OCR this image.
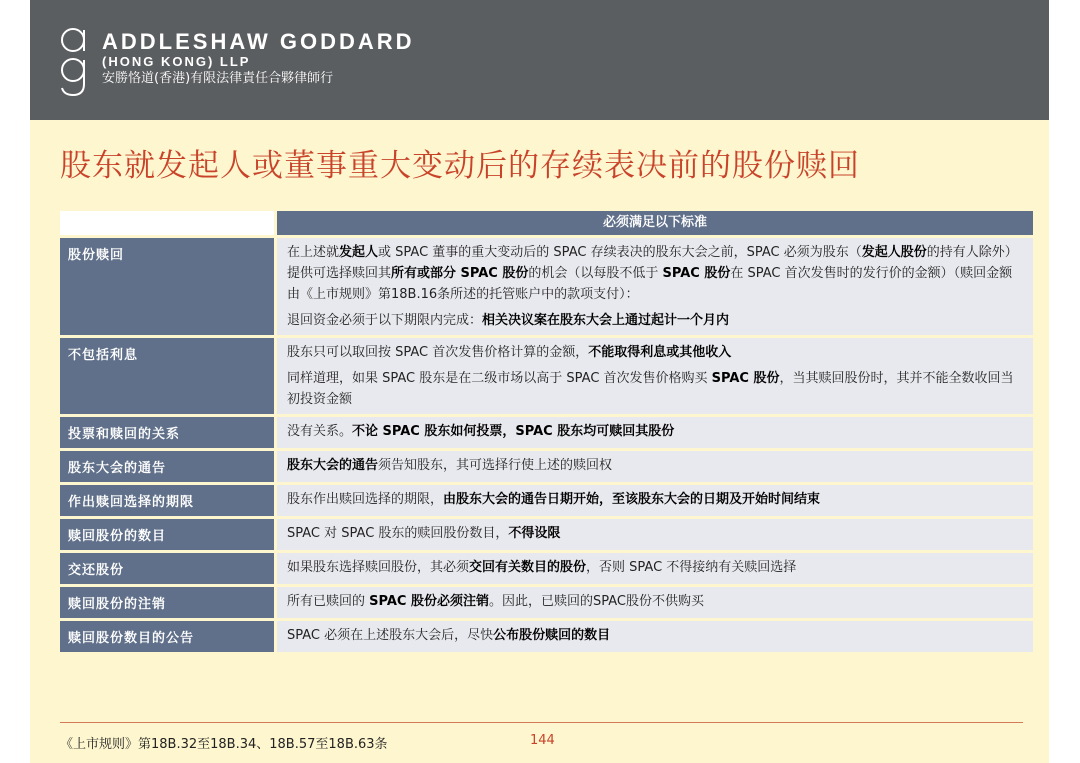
ADDLESHAW GODDARD
(HONG KONG) LLP
安勝恪道(香港)有限法律責任合夥律師行
股东就发起人或董事重大变动后的存续表决前的股份赎回
	必须满足以下标准
股份赎回	在上述就发起人或 SPAC 董事的重大变动后的 SPAC 存续表决的股东大会之前，SPAC 必须为股东（发起人股份的持有人除外）提供可选择赎回其所有或部分 SPAC 股份的机会（以每股不低于 SPAC 股份在 SPAC 首次发售时的发行价的金额）（赎回金额由《上市规则》第18B.16条所述的托管账户中的款项支付）：
退回资金必须于以下期限内完成：相关决议案在股东大会上通过起计一个月内

不包括利息	股东只可以取回按 SPAC 首次发售价格计算的金额，不能取得利息或其他收入
同样道理，如果 SPAC 股东是在二级市场以高于 SPAC 首次发售价格购买 SPAC 股份，当其赎回股份时，其并不能全数收回当初投资金额

投票和赎回的关系	没有关系。不论 SPAC 股东如何投票，SPAC 股东均可赎回其股份

股东大会的通告	股东大会的通告须告知股东，其可选择行使上述的赎回权

作出赎回选择的期限	股东作出赎回选择的期限，由股东大会的通告日期开始，至该股东大会的日期及开始时间结束

赎回股份的数目	SPAC 对 SPAC 股东的赎回股份数目，不得设限

交还股份	如果股东选择赎回股份，其必须交回有关数目的股份，否则 SPAC 不得接纳有关赎回选择

赎回股份的注销	所有已赎回的 SPAC 股份必须注销。因此，已赎回的SPAC股份不供购买

赎回股份数目的公告	SPAC 必须在上述股东大会后，尽快公布股份赎回的数目
《上市规则》第18B.32至18B.34、18B.57至18B.63条	144
